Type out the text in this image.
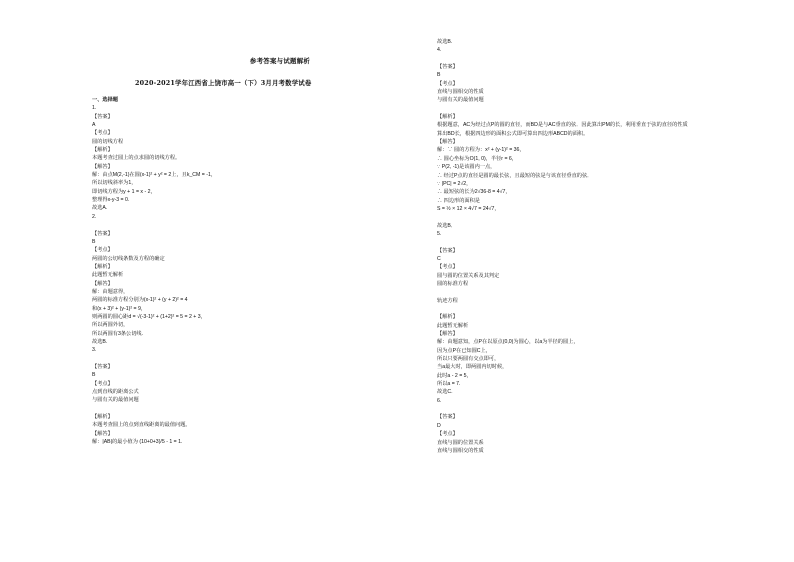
参考答案与试题解析
2020-2021学年江西省上饶市高一（下）3月月考数学试卷
一、选择题
1.
【答案】
A
【考点】
圆的切线方程
【解析】
本题考查过圆上的点求圆的切线方程。
【解答】
解：由点M(2,-1)在圆(x-1)² + y² = 2上，且k_CM = -1，
所以切线斜率为1，
即切线方程为y + 1 = x - 2，
整理得x-y-3 = 0.
故选A.
2.
【答案】
B
【考点】
两圆的公切线条数及方程的确定
【解析】
此题暂无解析
【解答】
解：由题意得，
两圆的标准方程分别为(x-1)² + (y + 2)² = 4
和(x + 3)² + (y-1)² = 9，
则两圆的圆心距d = √(-3-1)² + (1+2)² = 5 = 2 + 3，
所以两圆外切，
所以两圆有3条公切线.
故选B.
3.
【答案】
B
【考点】
点到直线的距离公式
与圆有关的最值问题
【解析】
本题考查圆上的点到直线距离的最值问题。
【解答】
解：|AB|的最小值为 (10+0+3)/5 - 1 = 1.
故选B.
4.
【答案】
B
【考点】
直线与圆相交的性质
与圆有关的最值问题
【解析】
根据题意，AC为经过点P的圆的直径，而BD是与AC垂直的弦．因此算出PM的长，利用垂直于弦的直径的性质
算出BD长，根据四边形的面积公式即可算出四边形ABCD的面积。
【解答】
解：∵ 圆的方程为：x² + (y-1)² = 36，
∴ 圆心坐标为O(1, 0)，半径r = 6，
∵ P(2, -1)是该圆内一点，
∴ 经过P点的直径是圆的最长弦，且最短的弦是与该直径垂直的弦．
∵ |PC| = 2√2，
∴ 最短弦的长为2√36-8 = 4√7，
∴ 四边形的面积是
S = ½ × 12 × 4√7 = 24√7，
故选B．
5.
【答案】
C
【考点】
圆与圆的位置关系及其判定
圆的标准方程
轨迹方程
【解析】
此题暂无解析
【解答】
解：由题意知，点P在以原点(0,0)为圆心，以a为半径的圆上，
因为点P在已知圆C上，
所以只要两圆有交点即可，
当a最大时，即两圆内切时候，
此时a - 2 = 5，
所以a = 7.
故选C.
6.
【答案】
D
【考点】
直线与圆的位置关系
直线与圆相交的性质
